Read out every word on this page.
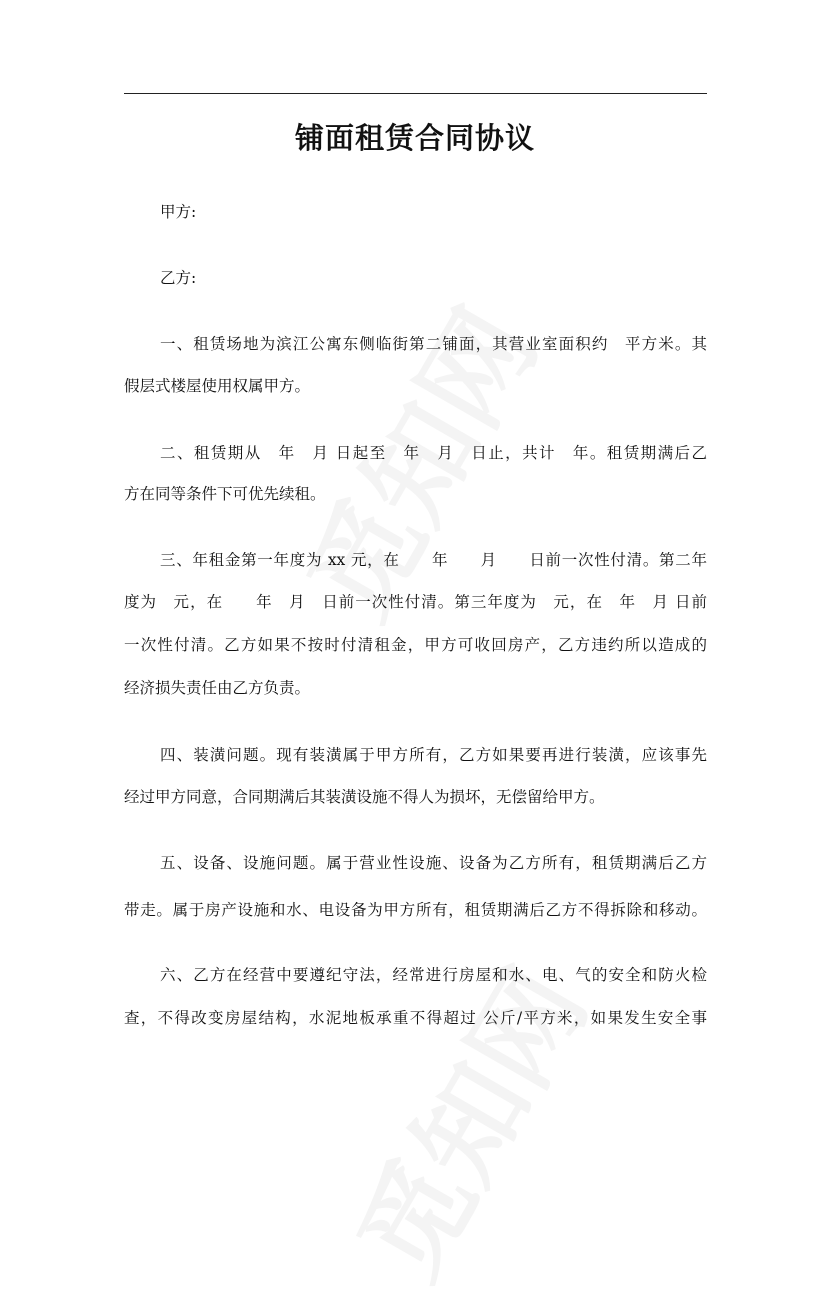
铺面租赁合同协议
甲方:
乙方:
一、租赁场地为滨江公寓东侧临街第二铺面，其营业室面积约　平方米。其
假层式楼屋使用权属甲方。
二、租赁期从　年　月 日起至　年　月　日止，共计　年。租赁期满后乙
方在同等条件下可优先续租。
三、年租金第一年度为 xx 元，在　　年　　月　　日前一次性付清。第二年
度为　元，在　　年　月　日前一次性付清。第三年度为　元，在　年　月 日前
一次性付清。乙方如果不按时付清租金，甲方可收回房产，乙方违约所以造成的
经济损失责任由乙方负责。
四、装潢问题。现有装潢属于甲方所有，乙方如果要再进行装潢，应该事先
经过甲方同意，合同期满后其装潢设施不得人为损坏，无偿留给甲方。
五、设备、设施问题。属于营业性设施、设备为乙方所有，租赁期满后乙方
带走。属于房产设施和水、电设备为甲方所有，租赁期满后乙方不得拆除和移动。
六、乙方在经营中要遵纪守法，经常进行房屋和水、电、气的安全和防火检
查，不得改变房屋结构，水泥地板承重不得超过 公斤/平方米，如果发生安全事
